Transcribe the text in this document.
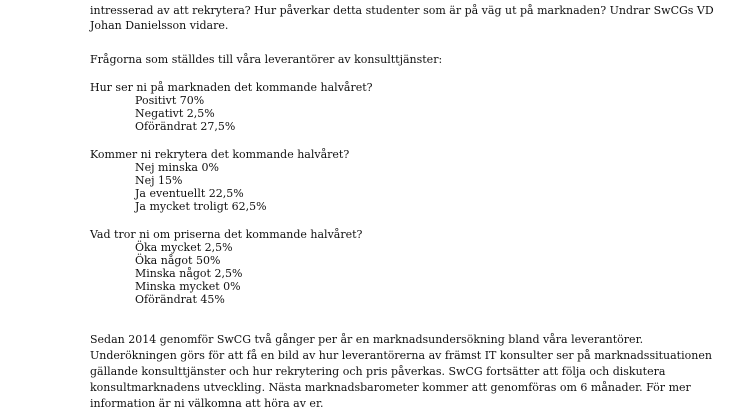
intresserad av att rekrytera? Hur påverkar detta studenter som är på väg ut på marknaden? Undrar SwCGs VD
Johan Danielsson vidare.
Frågorna som ställdes till våra leverantörer av konsulttjänster:
Hur ser ni på marknaden det kommande halvåret?
Positivt 70%
Negativt 2,5%
Oförändrat 27,5%
Kommer ni rekrytera det kommande halvåret?
Nej minska 0%
Nej 15%
Ja eventuellt 22,5%
Ja mycket troligt 62,5%
Vad tror ni om priserna det kommande halvåret?
Öka mycket 2,5%
Öka något 50%
Minska något 2,5%
Minska mycket 0%
Oförändrat 45%
Sedan 2014 genomför SwCG två gånger per år en marknadsundersökning bland våra leverantörer.
Underökningen görs för att få en bild av hur leverantörerna av främst IT konsulter ser på marknadssituationen
gällande konsulttjänster och hur rekrytering och pris påverkas. SwCG fortsätter att följa och diskutera
konsultmarknadens utveckling. Nästa marknadsbarometer kommer att genomföras om 6 månader. För mer
information är ni välkomna att höra av er.
